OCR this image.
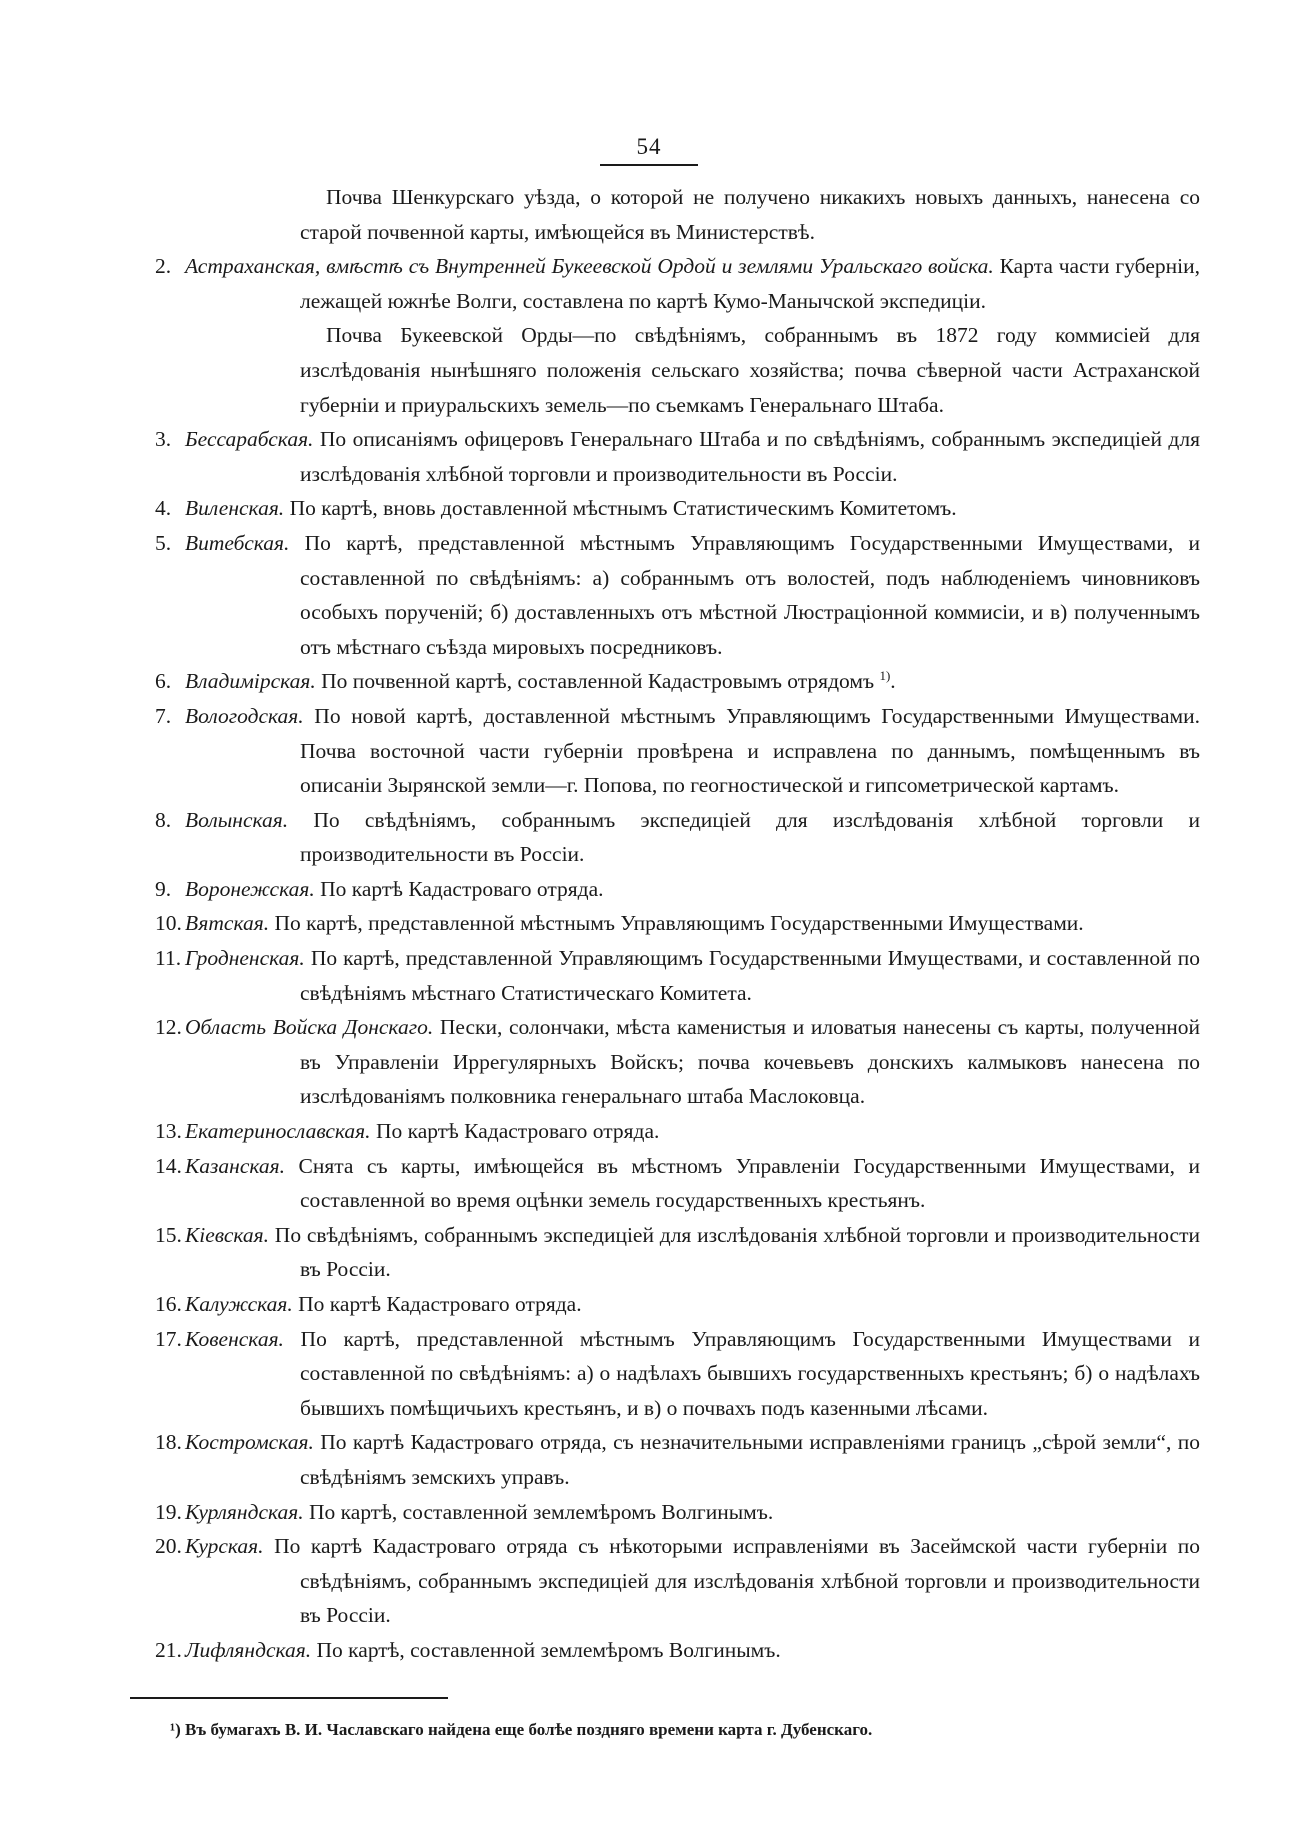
54

Почва Шенкурскаго уѣзда, о которой не получено никакихъ новыхъ данныхъ, нанесена со старой почвенной карты, имѣющейся въ Министерствѣ.

2. Астраханская, вмѣстѣ съ Внутренней Букеевской Ордой и землями Уральскаго войска. Карта части губерніи, лежащей южнѣе Волги, составлена по картѣ Кумо-Манычской экспедиціи.

Почва Букеевской Орды—по свѣдѣніямъ, собраннымъ въ 1872 году коммисіей для изслѣдованія нынѣшняго положенія сельскаго хозяйства; почва сѣверной части Астраханской губерніи и приуральскихъ земель—по съемкамъ Генеральнаго Штаба.

3. Бессарабская. По описаніямъ офицеровъ Генеральнаго Штаба и по свѣдѣніямъ, собраннымъ экспедиціей для изслѣдованія хлѣбной торговли и производительности въ Россіи.

4. Виленская. По картѣ, вновь доставленной мѣстнымъ Статистическимъ Комитетомъ.

5. Витебская. По картѣ, представленной мѣстнымъ Управляющимъ Государственными Имуществами, и составленной по свѣдѣніямъ: а) собраннымъ отъ волостей, подъ наблюденіемъ чиновниковъ особыхъ порученій; б) доставленныхъ отъ мѣстной Люстраціонной коммисіи, и в) полученнымъ отъ мѣстнаго съѣзда мировыхъ посредниковъ.

6. Владимірская. По почвенной картѣ, составленной Кадастровымъ отрядомъ $^{1)}$.

7. Вологодская. По новой картѣ, доставленной мѣстнымъ Управляющимъ Государственными Имуществами. Почва восточной части губерніи провѣрена и исправлена по даннымъ, помѣщеннымъ въ описаніи Зырянской земли—г. Попова, по геогностической и гипсометрической картамъ.

8. Волынская. По свѣдѣніямъ, собраннымъ экспедиціей для изслѣдованія хлѣбной торговли и производительности въ Россіи.

9. Воронежская. По картѣ Кадастроваго отряда.

10. Вятская. По картѣ, представленной мѣстнымъ Управляющимъ Государственными Имуществами.

11. Гродненская. По картѣ, представленной Управляющимъ Государственными Имуществами, и составленной по свѣдѣніямъ мѣстнаго Статистическаго Комитета.

12. Область Войска Донскаго. Пески, солончаки, мѣста каменистыя и иловатыя нанесены съ карты, полученной въ Управленіи Иррегулярныхъ Войскъ; почва кочевьевъ донскихъ калмыковъ нанесена по изслѣдованіямъ полковника генеральнаго штаба Маслоковца.

13. Екатеринославская. По картѣ Кадастроваго отряда.

14. Казанская. Снята съ карты, имѣющейся въ мѣстномъ Управленіи Государственными Имуществами, и составленной во время оцѣнки земель государственныхъ крестьянъ.

15. Кіевская. По свѣдѣніямъ, собраннымъ экспедиціей для изслѣдованія хлѣбной торговли и производительности въ Россіи.

16. Калужская. По картѣ Кадастроваго отряда.

17. Ковенская. По картѣ, представленной мѣстнымъ Управляющимъ Государственными Имуществами и составленной по свѣдѣніямъ: а) о надѣлахъ бывшихъ государственныхъ крестьянъ; б) о надѣлахъ бывшихъ помѣщичьихъ крестьянъ, и в) о почвахъ подъ казенными лѣсами.

18. Костромская. По картѣ Кадастроваго отряда, съ незначительными исправленіями границъ „сѣрой земли“, по свѣдѣніямъ земскихъ управъ.

19. Курляндская. По картѣ, составленной землемѣромъ Волгинымъ.

20. Курская. По картѣ Кадастроваго отряда съ нѣкоторыми исправленіями въ Засеймской части губерніи по свѣдѣніямъ, собраннымъ экспедиціей для изслѣдованія хлѣбной торговли и производительности въ Россіи.

21. Лифляндская. По картѣ, составленной землемѣромъ Волгинымъ.

¹) Въ бумагахъ В. И. Чаславскаго найдена еще болѣе поздняго времени карта г. Дубенскаго.
